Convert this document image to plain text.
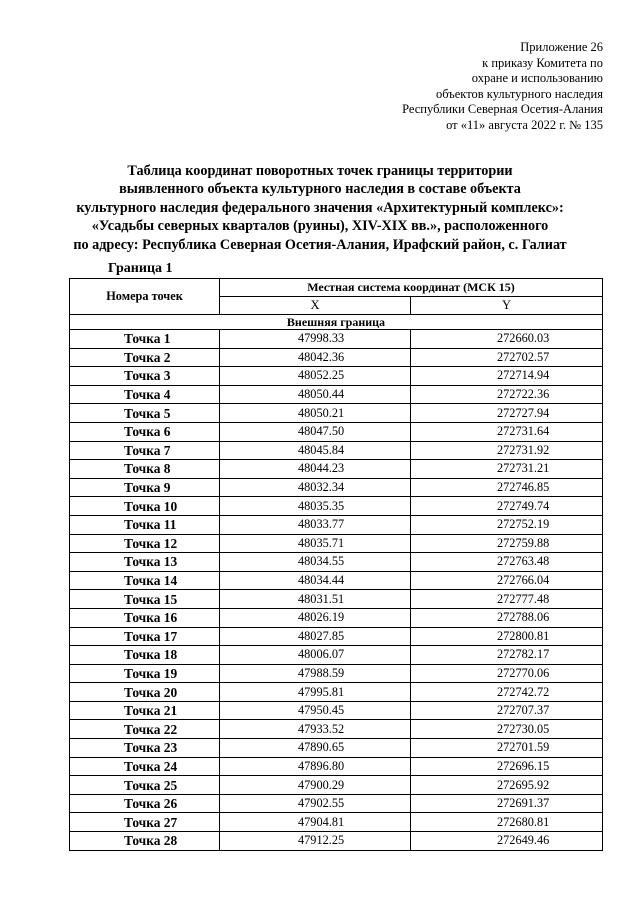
Приложение 26
к приказу Комитета по
охране и использованию
объектов культурного наследия
Республики Северная Осетия-Алания
от «11» августа 2022 г. № 135
Таблица координат поворотных точек границы территории
выявленного объекта культурного наследия в составе объекта
культурного наследия федерального значения «Архитектурный комплекс»:
«Усадьбы северных кварталов (руины), XIV-XIX вв.», расположенного
по адресу: Республика Северная Осетия-Алания, Ирафский район, с. Галиат
Граница 1
Номера точек	Местная система координат (МСК 15)	
	X	Y
Внешняя граница		
Точка 1	47998.33	272660.03
Точка 2	48042.36	272702.57
Точка 3	48052.25	272714.94
Точка 4	48050.44	272722.36
Точка 5	48050.21	272727.94
Точка 6	48047.50	272731.64
Точка 7	48045.84	272731.92
Точка 8	48044.23	272731.21
Точка 9	48032.34	272746.85
Точка 10	48035.35	272749.74
Точка 11	48033.77	272752.19
Точка 12	48035.71	272759.88
Точка 13	48034.55	272763.48
Точка 14	48034.44	272766.04
Точка 15	48031.51	272777.48
Точка 16	48026.19	272788.06
Точка 17	48027.85	272800.81
Точка 18	48006.07	272782.17
Точка 19	47988.59	272770.06
Точка 20	47995.81	272742.72
Точка 21	47950.45	272707.37
Точка 22	47933.52	272730.05
Точка 23	47890.65	272701.59
Точка 24	47896.80	272696.15
Точка 25	47900.29	272695.92
Точка 26	47902.55	272691.37
Точка 27	47904.81	272680.81
Точка 28	47912.25	272649.46
